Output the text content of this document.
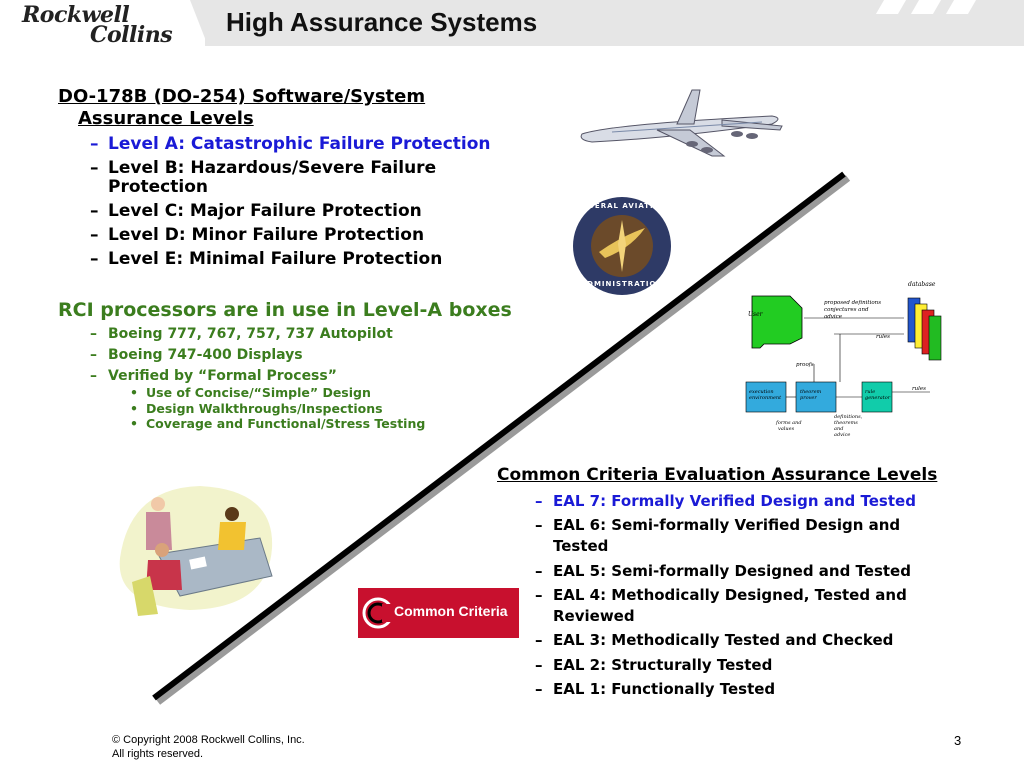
Rockwell
Collins High Assurance Systems
DO-178B (DO-254) Software/System
Assurance Levels
– Level A: Catastrophic Failure Protection
– Level B: Hazardous/Severe Failure
Protection
– Level C: Major Failure Protection
– Level D: Minor Failure Protection
– Level E: Minimal Failure Protection
RCI processors are in use in Level-A boxes
– Boeing 777, 767, 757, 737 Autopilot
– Boeing 747-400 Displays
– Verified by “Formal Process”
• Use of Concise/“Simple” Design
• Design Walkthroughs/Inspections
• Coverage and Functional/Stress Testing
FEDERAL AVIATION
ADMINISTRATION
User
database
proposed definitions
conjectures and
advice
rules
proofs
execution
environment
theorem
prover
rule
generator
rules
forms and
values
definitions,
theorems
and
advice
Common Criteria Evaluation Assurance Levels
– EAL 7: Formally Verified Design and Tested
– EAL 6: Semi-formally Verified Design and
Tested
– EAL 5: Semi-formally Designed and Tested
– EAL 4: Methodically Designed, Tested and
Reviewed
– EAL 3: Methodically Tested and Checked
– EAL 2: Structurally Tested
– EAL 1: Functionally Tested
Common Criteria
© Copyright 2008 Rockwell Collins, Inc.
All rights reserved.
3
